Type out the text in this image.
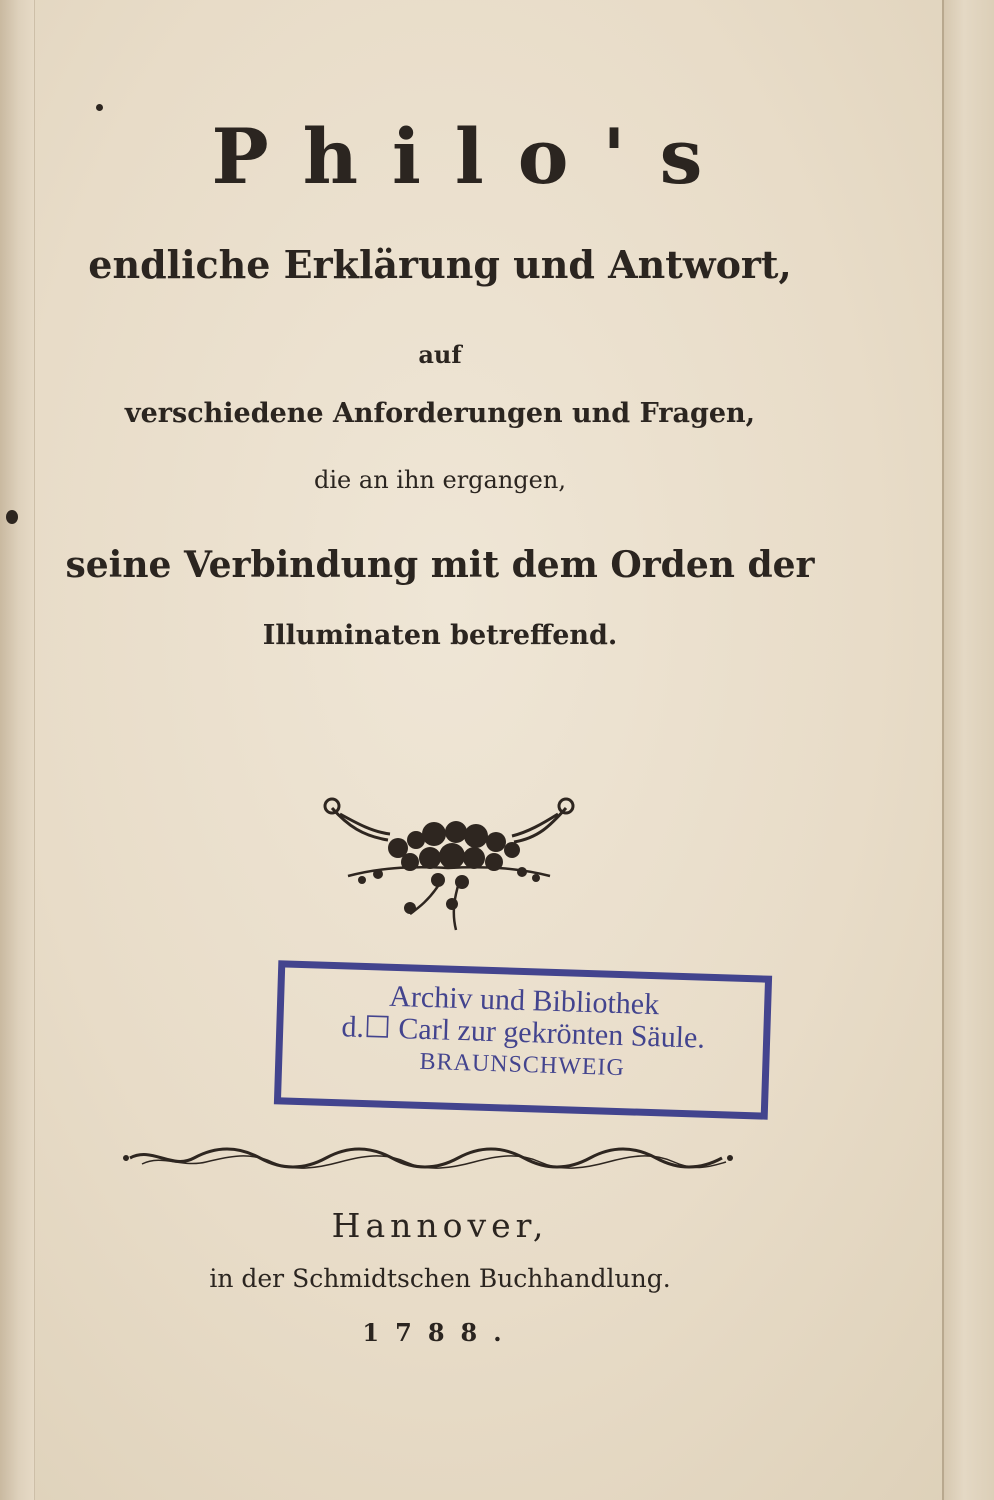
Philo's
endliche Erklärung und Antwort,
auf
verschiedene Anforderungen und Fragen,
die an ihn ergangen,
seine Verbindung mit dem Orden der
Illuminaten betreffend.
Archiv und Bibliothek
d.☐ Carl zur gekrönten Säule.
BRAUNSCHWEIG
Hannover,
in der Schmidtschen Buchhandlung.
1788.
